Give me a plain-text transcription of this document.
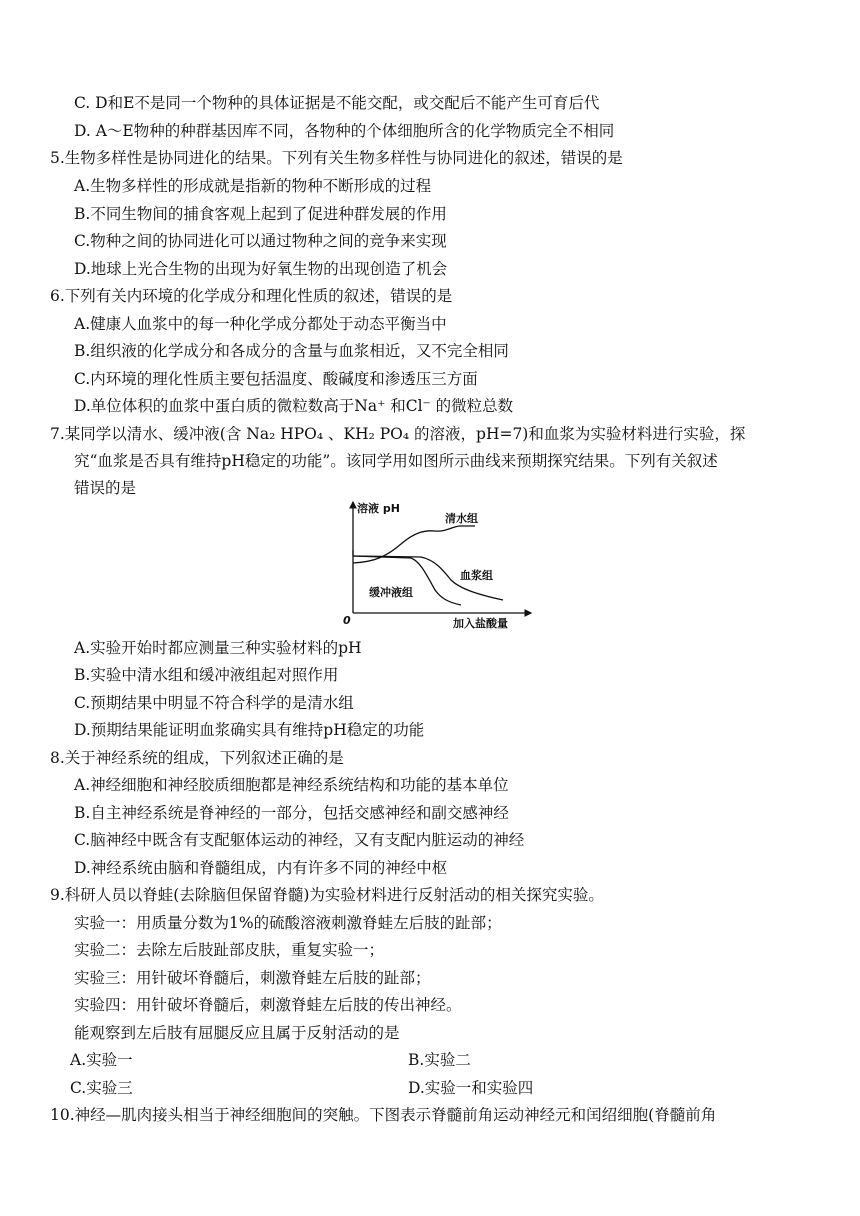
C. D和E不是同一个物种的具体证据是不能交配，或交配后不能产生可育后代
D. A～E物种的种群基因库不同，各物种的个体细胞所含的化学物质完全不相同
5.生物多样性是协同进化的结果。下列有关生物多样性与协同进化的叙述，错误的是
A.生物多样性的形成就是指新的物种不断形成的过程
B.不同生物间的捕食客观上起到了促进种群发展的作用
C.物种之间的协同进化可以通过物种之间的竞争来实现
D.地球上光合生物的出现为好氧生物的出现创造了机会
6.下列有关内环境的化学成分和理化性质的叙述，错误的是
A.健康人血浆中的每一种化学成分都处于动态平衡当中
B.组织液的化学成分和各成分的含量与血浆相近，又不完全相同
C.内环境的理化性质主要包括温度、酸碱度和渗透压三方面
D.单位体积的血浆中蛋白质的微粒数高于Na⁺ 和Cl⁻ 的微粒总数
7.某同学以清水、缓冲液(含 Na₂ HPO₄ 、KH₂ PO₄ 的溶液，pH=7)和血浆为实验材料进行实验，探
究“血浆是否具有维持pH稳定的功能”。该同学用如图所示曲线来预期探究结果。下列有关叙述
错误的是
A.实验开始时都应测量三种实验材料的pH
B.实验中清水组和缓冲液组起对照作用
C.预期结果中明显不符合科学的是清水组
D.预期结果能证明血浆确实具有维持pH稳定的功能
8.关于神经系统的组成，下列叙述正确的是
A.神经细胞和神经胶质细胞都是神经系统结构和功能的基本单位
B.自主神经系统是脊神经的一部分，包括交感神经和副交感神经
C.脑神经中既含有支配躯体运动的神经，又有支配内脏运动的神经
D.神经系统由脑和脊髓组成，内有许多不同的神经中枢
9.科研人员以脊蛙(去除脑但保留脊髓)为实验材料进行反射活动的相关探究实验。
实验一：用质量分数为1%的硫酸溶液刺激脊蛙左后肢的趾部；
实验二：去除左后肢趾部皮肤，重复实验一；
实验三：用针破坏脊髓后，刺激脊蛙左后肢的趾部；
实验四：用针破坏脊髓后，刺激脊蛙左后肢的传出神经。
能观察到左后肢有屈腿反应且属于反射活动的是
A.实验一	B.实验二
C.实验三	D.实验一和实验四
10.神经—肌肉接头相当于神经细胞间的突触。下图表示脊髓前角运动神经元和闰绍细胞(脊髓前角
溶液 pH
加入盐酸量
0
清水组
血浆组
缓冲液组
